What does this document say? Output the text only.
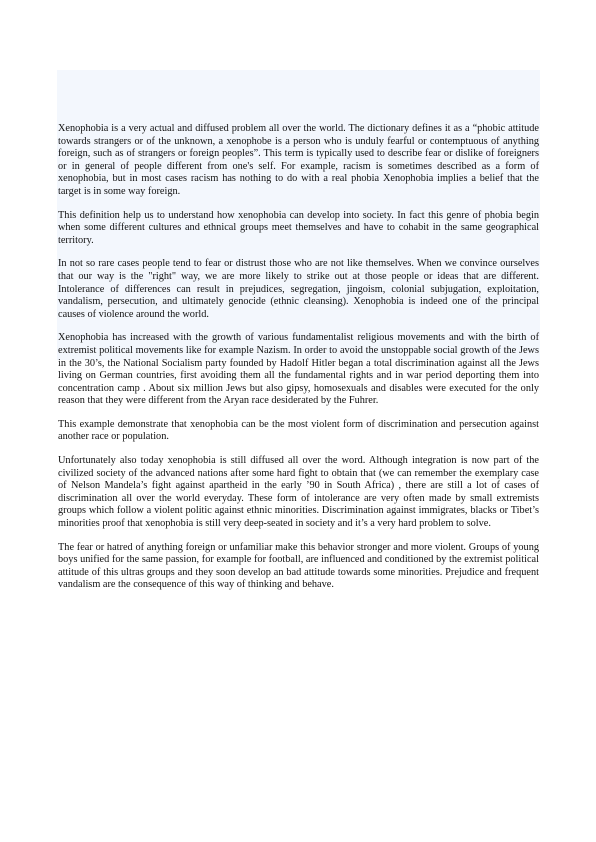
Xenophobia is a very actual and diffused problem all over the world. The dictionary defines it as a “phobic attitude towards strangers or of the unknown, a xenophobe is a person who is unduly fearful or contemptuous of anything foreign, such as of strangers or foreign peoples”. This term is typically used to describe fear or dislike of foreigners or in general of people different from one's self. For example, racism is sometimes described as a form of xenophobia, but in most cases racism has nothing to do with a real phobia Xenophobia implies a belief that the target is in some way foreign.

This definition help us to understand how xenophobia can develop into society. In fact this genre of phobia begin when some different cultures and ethnical groups meet themselves and have to cohabit in the same geographical territory.

In not so rare cases people tend to fear or distrust those who are not like themselves. When we convince ourselves that our way is the "right" way, we are more likely to strike out at those people or ideas that are different. Intolerance of differences can result in prejudices, segregation, jingoism, colonial subjugation, exploitation, vandalism, persecution, and ultimately genocide (ethnic cleansing). Xenophobia is indeed one of the principal causes of violence around the world.

Xenophobia has increased with the growth of various fundamentalist religious movements and with the birth of extremist political movements like for example Nazism. In order to avoid the unstoppable social growth of the Jews in the 30’s, the National Socialism party founded by Hadolf Hitler began a total discrimination against all the Jews living on German countries, first avoiding them all the fundamental rights and in war period deporting them into concentration camp . About six million Jews but also gipsy, homosexuals and disables were executed for the only reason that they were different from the Aryan race desiderated by the Fuhrer.

This example demonstrate that xenophobia can be the most violent form of discrimination and persecution against another race or population.

Unfortunately also today xenophobia is still diffused all over the word. Although integration is now part of the civilized society of the advanced nations after some hard fight to obtain that (we can remember the exemplary case of Nelson Mandela’s fight against apartheid in the early ’90 in South Africa) , there are still a lot of cases of discrimination all over the world everyday. These form of intolerance are very often made by small extremists groups which follow a violent politic against ethnic minorities. Discrimination against immigrates, blacks or Tibet’s minorities proof that xenophobia is still very deep-seated in society and it’s a very hard problem to solve.

The fear or hatred of anything foreign or unfamiliar make this behavior stronger and more violent. Groups of young boys unified for the same passion, for example for football, are influenced and conditioned by the extremist political attitude of this ultras groups and they soon develop an bad attitude towards some minorities. Prejudice and frequent vandalism are the consequence of this way of thinking and behave.
